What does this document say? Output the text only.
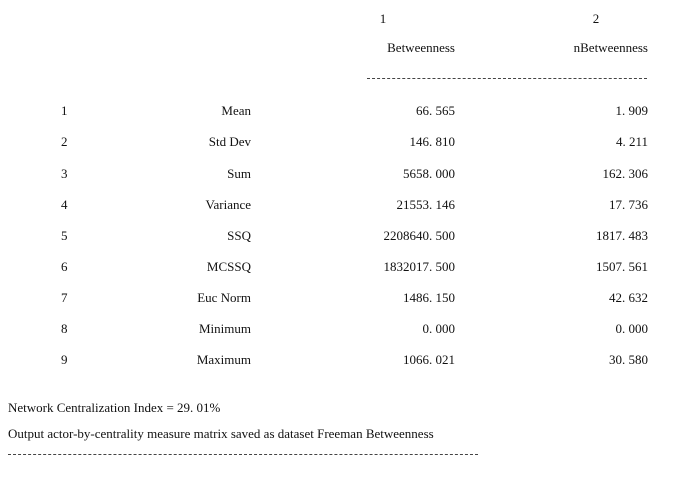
1	2
Betweenness	nBetweenness
1	Mean	66. 565	1. 909
2	Std Dev	146. 810	4. 211
3	Sum	5658. 000	162. 306
4	Variance	21553. 146	17. 736
5	SSQ	2208640. 500	1817. 483
6	MCSSQ	1832017. 500	1507. 561
7	Euc Norm	1486. 150	42. 632
8	Minimum	0. 000	0. 000
9	Maximum	1066. 021	30. 580
Network Centralization Index = 29. 01%
Output actor-by-centrality measure matrix saved as dataset Freeman Betweenness
